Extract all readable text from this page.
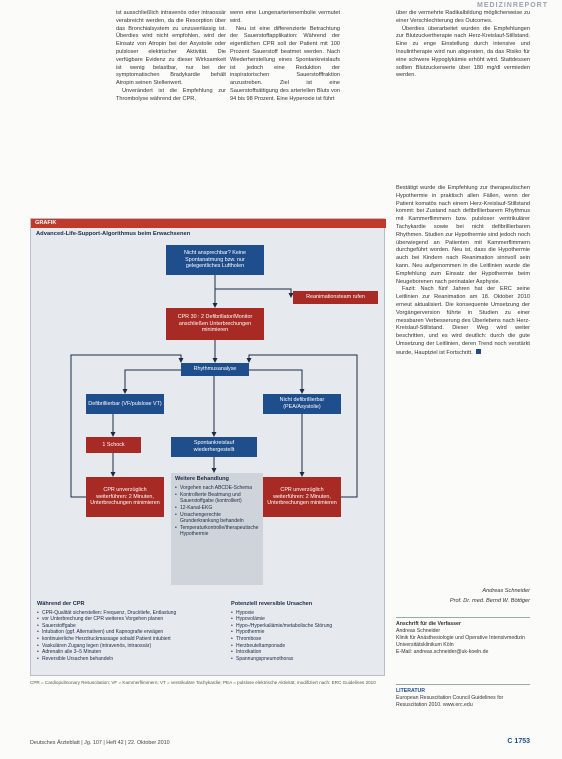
MEDIZINREPORT

ist ausschließlich intravenös oder intraossär verabreicht werden, da die Resorption über das Bronchialsystem zu unzuverlässig ist. Überdies wird nicht empfohlen, wird der Einsatz von Atropin bei der Asystolie oder pulsloser elektrischer Aktivität. Die verfügbare Evidenz zu dieser Wirksamkeit ist wenig belastbar, nur bei der symptomatischen Bradykardie behält Atropin seinen Stellenwert.

Unverändert ist die Empfehlung zur Thrombolyse während der CPR,

wenn eine Lungenarterienembolie vermutet wird.

Neu ist eine differenzierte Betrachtung der Sauerstoffapplikation: Während der eigentlichen CPR soll der Patient mit 100 Prozent Sauerstoff beatmet werden. Nach Wiederherstellung eines Spontankreislaufs ist jedoch eine Reduktion der inspiratorischen Sauerstofffraktion anzustreben. Ziel ist eine Sauerstoffsättigung des arteriellen Bluts von 94 bis 98 Prozent. Eine Hyperoxie ist führt

über die vermehrte Radikalbildung möglicherweise zu einer Verschlechterung des Outcomes.

Überdies überarbeitet wurden die Empfehlungen zur Blutzuckertherapie nach Herz-Kreislauf-Stillstand. Eine zu enge Einstellung durch intensive und Insulintherapie wird nun abgeraten, da das Risiko für eine schwere Hypoglykämie erhöht wird. Stattdessen sollten Blutzuckerwerte über 180 mg/dl vermieden werden.

Bestätigt wurde die Empfehlung zur therapeutischen Hypothermie in praktisch allen Fällen, wenn der Patient komatös nach einem Herz-Kreislauf-Stillstand kommt: bei Zustand nach defibrillierbarem Rhythmus mit Kammerflimmern bzw. pulsloser ventrikulärer Tachykardie sowie bei nicht defibrillierbaren Rhythmen. Studien zur Hypothermie sind jedoch noch überwiegend an Patienten mit Kammerflimmern durchgeführt worden. Neu ist, dass die Hypothermie auch bei Kindern nach Reanimation sinnvoll sein kann. Neu aufgenommen in die Leitlinien wurde die Empfehlung zum Einsatz der Hypothermie beim Neugeborenen nach perinataler Asphyxie.

Fazit: Nach fünf Jahren hat der ERC seine Leitlinien zur Reanimation am 18. Oktober 2010 erneut aktualisiert. Die konsequente Umsetzung der Vorgängerversion führte in Studien zu einer messbaren Verbesserung des Überlebens nach Herz-Kreislauf-Stillstand. Dieser Weg wird weiter beschritten, und es wird deutlich: durch die gute Umsetzung der Leitlinien, deren Trend noch verstärkt wurde, Hauptziel ist Fortschritt.

Andreas Schneider
Prof. Dr. med. Bernd W. Böttiger
Anschrift für die Verfasser
Andreas Schneider
Klinik für Anästhesiologie und Operative Intensivmedizin
Universitätsklinikum Köln
E-Mail: andreas.schneider@uk-koeln.de
LITERATUR
European Resuscitation Council Guidelines for Resuscitation 2010. www.erc.edu
GRAFIK
Advanced-Life-Support-Algorithmus beim Erwachsenen
Nicht ansprechbar? Keine Spontanatmung bzw. nur gelegentliches Luftholen
Reanimationsteam rufen
CPR 30 : 2 Defibrillator/Monitor anschließen Unterbrechungen minimieren
Rhythmusanalyse
Defibrillierbar (VF/pulslose VT)
Nicht defibrillierbar (PEA/Asystolie)
1 Schock	Spontankreislauf wiederhergestellt
CPR unverzüglich weiterführen: 2 Minuten, Unterbrechungen minimieren
CPR unverzüglich weiterführen: 2 Minuten, Unterbrechungen minimieren
Weitere Behandlung
• Vorgehen nach ABCDE-Schema
• Kontrollierte Beatmung und Sauerstoffgabe (kontrolliert)
• 12-Kanal-EKG
• Ursachengerechte Grunderkrankung behandeln
• Temperaturkontrolle/therapeutische Hypothermie
Während der CPR
• CPR-Qualität sicherstellen: Frequenz, Drucktiefe, Entlastung
• vor Unterbrechung der CPR weiteres Vorgehen planen
• Sauerstoffgabe
• Intubation (ggf. Alternativen) und Kapnografie erwägen
• kontinuierliche Herzdruckmassage sobald Patient intubiert
• Vaskulären Zugang legen (intravenös, intraossär)
• Adrenalin alle 3–5 Minuten
• Reversible Ursachen behandeln
Potenziell reversible Ursachen
• Hypoxie
• Hypovolämie
• Hypo-/Hyperkaliämie/metabolische Störung
• Hypothermie
• Thrombose
• Herzbeuteltamponade
• Intoxikation
• Spannungspneumothorax
CPR = Cardiopulmonary Resuscitation; VF = Kammerflimmern; VT = ventrikuläre Tachykardie; PEA = pulslose elektrische Aktivität; modifiziert nach: ERC Guidelines 2010
Deutsches Ärzteblatt | Jg. 107 | Heft 42 | 22. Oktober 2010	C 1753
